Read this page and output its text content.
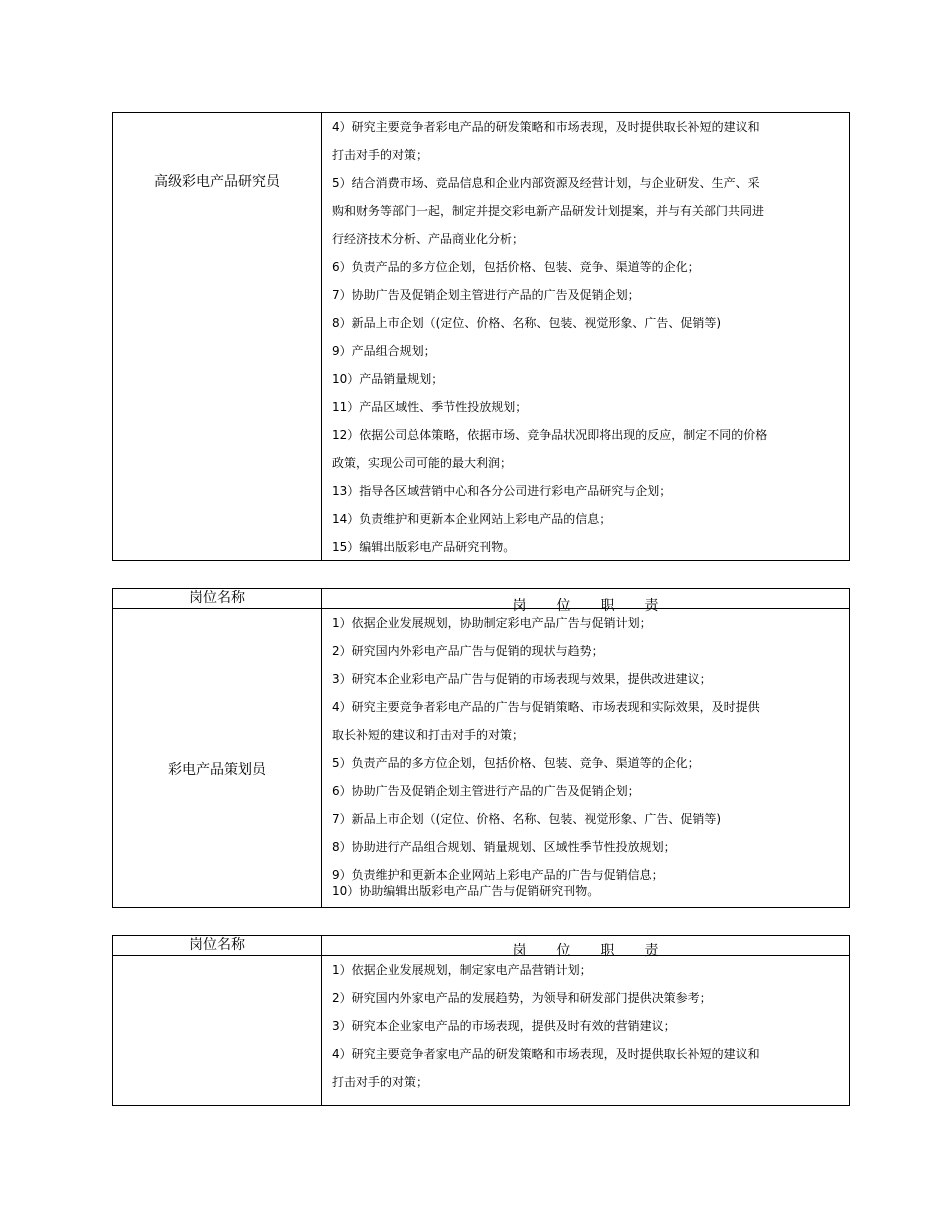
高级彩电产品研究员
4）研究主要竞争者彩电产品的研发策略和市场表现，及时提供取长补短的建议和
打击对手的对策；
5）结合消费市场、竞品信息和企业内部资源及经营计划，与企业研发、生产、采
购和财务等部门一起，制定并提交彩电新产品研发计划提案，并与有关部门共同进
行经济技术分析、产品商业化分析；
6）负责产品的多方位企划，包括价格、包装、竞争、渠道等的企化；
7）协助广告及促销企划主管进行产品的广告及促销企划；
8）新品上市企划（(定位、价格、名称、包装、视觉形象、广告、促销等)
9）产品组合规划；
10）产品销量规划；
11）产品区域性、季节性投放规划；
12）依据公司总体策略，依据市场、竞争品状况即将出现的反应，制定不同的价格
政策，实现公司可能的最大利润；
13）指导各区域营销中心和各分公司进行彩电产品研究与企划；
14）负责维护和更新本企业网站上彩电产品的信息；
15）编辑出版彩电产品研究刊物。
岗位名称	岗位职责
彩电产品策划员
1）依据企业发展规划，协助制定彩电产品广告与促销计划；
2）研究国内外彩电产品广告与促销的现状与趋势；
3）研究本企业彩电产品广告与促销的市场表现与效果，提供改进建议；
4）研究主要竞争者彩电产品的广告与促销策略、市场表现和实际效果，及时提供
取长补短的建议和打击对手的对策；
5）负责产品的多方位企划，包括价格、包装、竞争、渠道等的企化；
6）协助广告及促销企划主管进行产品的广告及促销企划；
7）新品上市企划（(定位、价格、名称、包装、视觉形象、广告、促销等)
8）协助进行产品组合规划、销量规划、区域性季节性投放规划；
9）负责维护和更新本企业网站上彩电产品的广告与促销信息；
10）协助编辑出版彩电产品广告与促销研究刊物。
岗位名称	岗位职责
1）依据企业发展规划，制定家电产品营销计划；
2）研究国内外家电产品的发展趋势，为领导和研发部门提供决策参考；
3）研究本企业家电产品的市场表现，提供及时有效的营销建议；
4）研究主要竞争者家电产品的研发策略和市场表现，及时提供取长补短的建议和
打击对手的对策；
